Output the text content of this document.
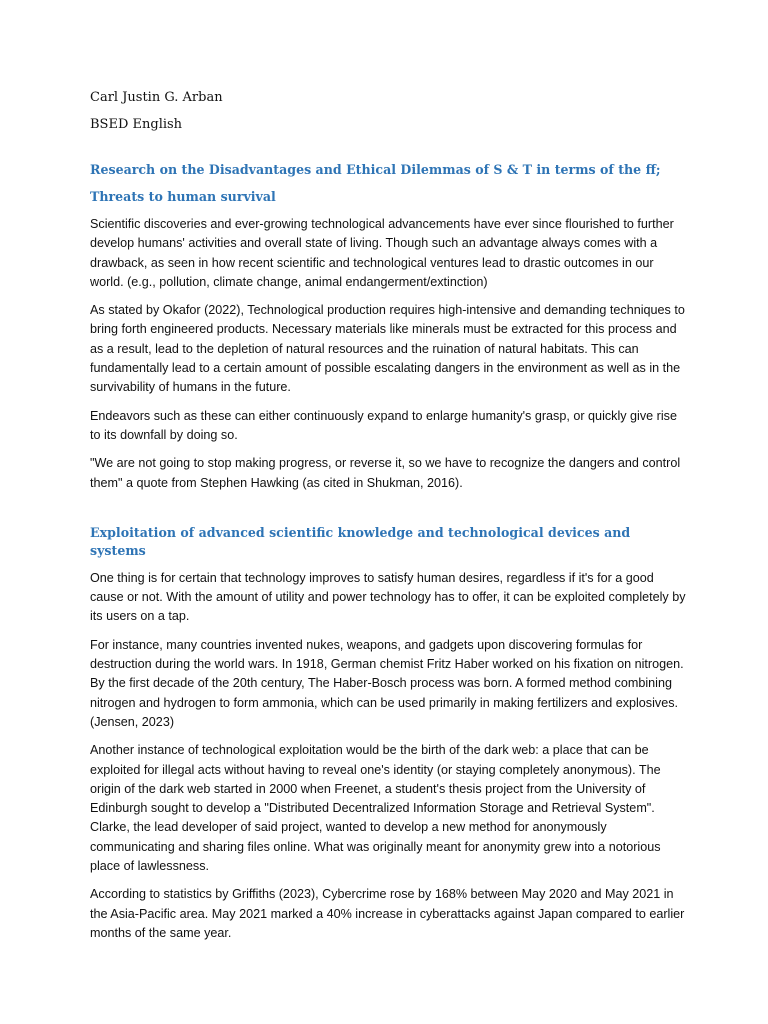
Carl Justin G. Arban

BSED English

Research on the Disadvantages and Ethical Dilemmas of S & T in terms of the ff;
Threats to human survival

Scientific discoveries and ever-growing technological advancements have ever since flourished to further develop humans' activities and overall state of living. Though such an advantage always comes with a drawback, as seen in how recent scientific and technological ventures lead to drastic outcomes in our world. (e.g., pollution, climate change, animal endangerment/extinction)

As stated by Okafor (2022), Technological production requires high-intensive and demanding techniques to bring forth engineered products. Necessary materials like minerals must be extracted for this process and as a result, lead to the depletion of natural resources and the ruination of natural habitats. This can fundamentally lead to a certain amount of possible escalating dangers in the environment as well as in the survivability of humans in the future.

Endeavors such as these can either continuously expand to enlarge humanity's grasp, or quickly give rise to its downfall by doing so.

"We are not going to stop making progress, or reverse it, so we have to recognize the dangers and control them" a quote from Stephen Hawking (as cited in Shukman, 2016).

Exploitation of advanced scientific knowledge and technological devices and systems

One thing is for certain that technology improves to satisfy human desires, regardless if it's for a good cause or not. With the amount of utility and power technology has to offer, it can be exploited completely by its users on a tap.

For instance, many countries invented nukes, weapons, and gadgets upon discovering formulas for destruction during the world wars. In 1918, German chemist Fritz Haber worked on his fixation on nitrogen. By the first decade of the 20th century, The Haber-Bosch process was born. A formed method combining nitrogen and hydrogen to form ammonia, which can be used primarily in making fertilizers and explosives. (Jensen, 2023)

Another instance of technological exploitation would be the birth of the dark web: a place that can be exploited for illegal acts without having to reveal one's identity (or staying completely anonymous). The origin of the dark web started in 2000 when Freenet, a student's thesis project from the University of Edinburgh sought to develop a "Distributed Decentralized Information Storage and Retrieval System". Clarke, the lead developer of said project, wanted to develop a new method for anonymously communicating and sharing files online. What was originally meant for anonymity grew into a notorious place of lawlessness.

According to statistics by Griffiths (2023), Cybercrime rose by 168% between May 2020 and May 2021 in the Asia-Pacific area. May 2021 marked a 40% increase in cyberattacks against Japan compared to earlier months of the same year.
